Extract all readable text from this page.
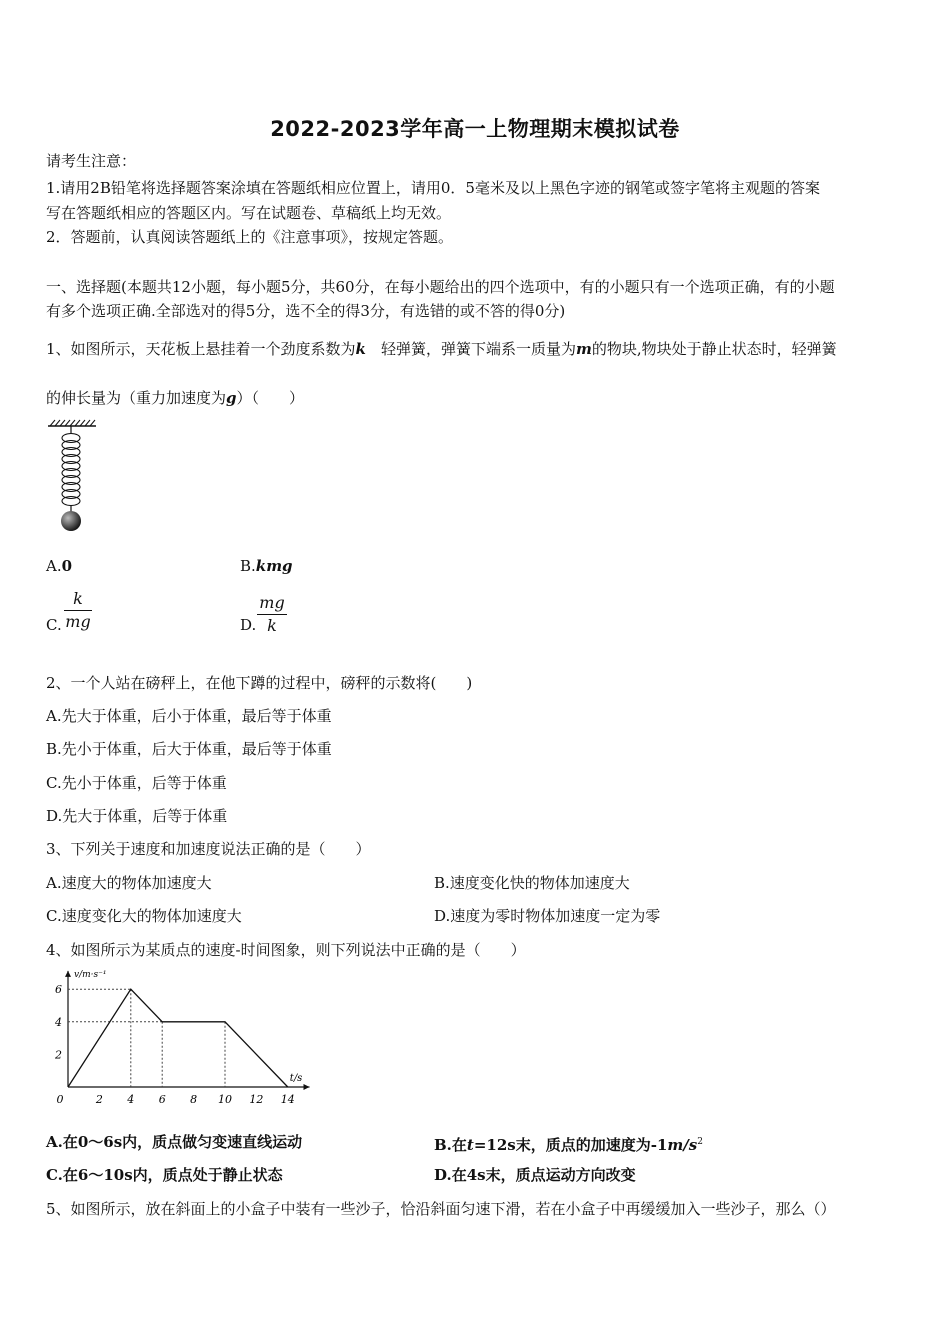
2022-2023学年高一上物理期末模拟试卷
请考生注意：
1.请用2B铅笔将选择题答案涂填在答题纸相应位置上，请用0．5毫米及以上黑色字迹的钢笔或签字笔将主观题的答案
写在答题纸相应的答题区内。写在试题卷、草稿纸上均无效。
2．答题前，认真阅读答题纸上的《注意事项》，按规定答题。
一、选择题(本题共12小题，每小题5分，共60分，在每小题给出的四个选项中，有的小题只有一个选项正确，有的小题
有多个选项正确.全部选对的得5分，选不全的得3分，有选错的或不答的得0分)
1、如图所示，天花板上悬挂着一个劲度系数为k　 轻弹簧，弹簧下端系一质量为m的物块,物块处于静止状态时，轻弹簧
的伸长量为（重力加速度为g）（　　）
A.0	B.kmg
C.
k
mg	D.
mg
k
2、一个人站在磅秤上，在他下蹲的过程中，磅秤的示数将(　　)
A.先大于体重，后小于体重，最后等于体重
B.先小于体重，后大于体重，最后等于体重
C.先小于体重，后等于体重
D.先大于体重，后等于体重
3、下列关于速度和加速度说法正确的是（　　）
A.速度大的物体加速度大	B.速度变化快的物体加速度大
C.速度变化大的物体加速度大	D.速度为零时物体加速度一定为零
4、如图所示为某质点的速度-时间图象，则下列说法中正确的是（　　）
v/m·s⁻¹
t/s
0	2 4 6 8 10 12 14
2
4
6
A.在0～6s内，质点做匀变速直线运动	B.在t=12s末，质点的加速度为$-1m/s^2$
C.在6～10s内，质点处于静止状态	D.在4s末，质点运动方向改变
5、如图所示，放在斜面上的小盒子中装有一些沙子，恰沿斜面匀速下滑，若在小盒子中再缓缓加入一些沙子，那么（）
